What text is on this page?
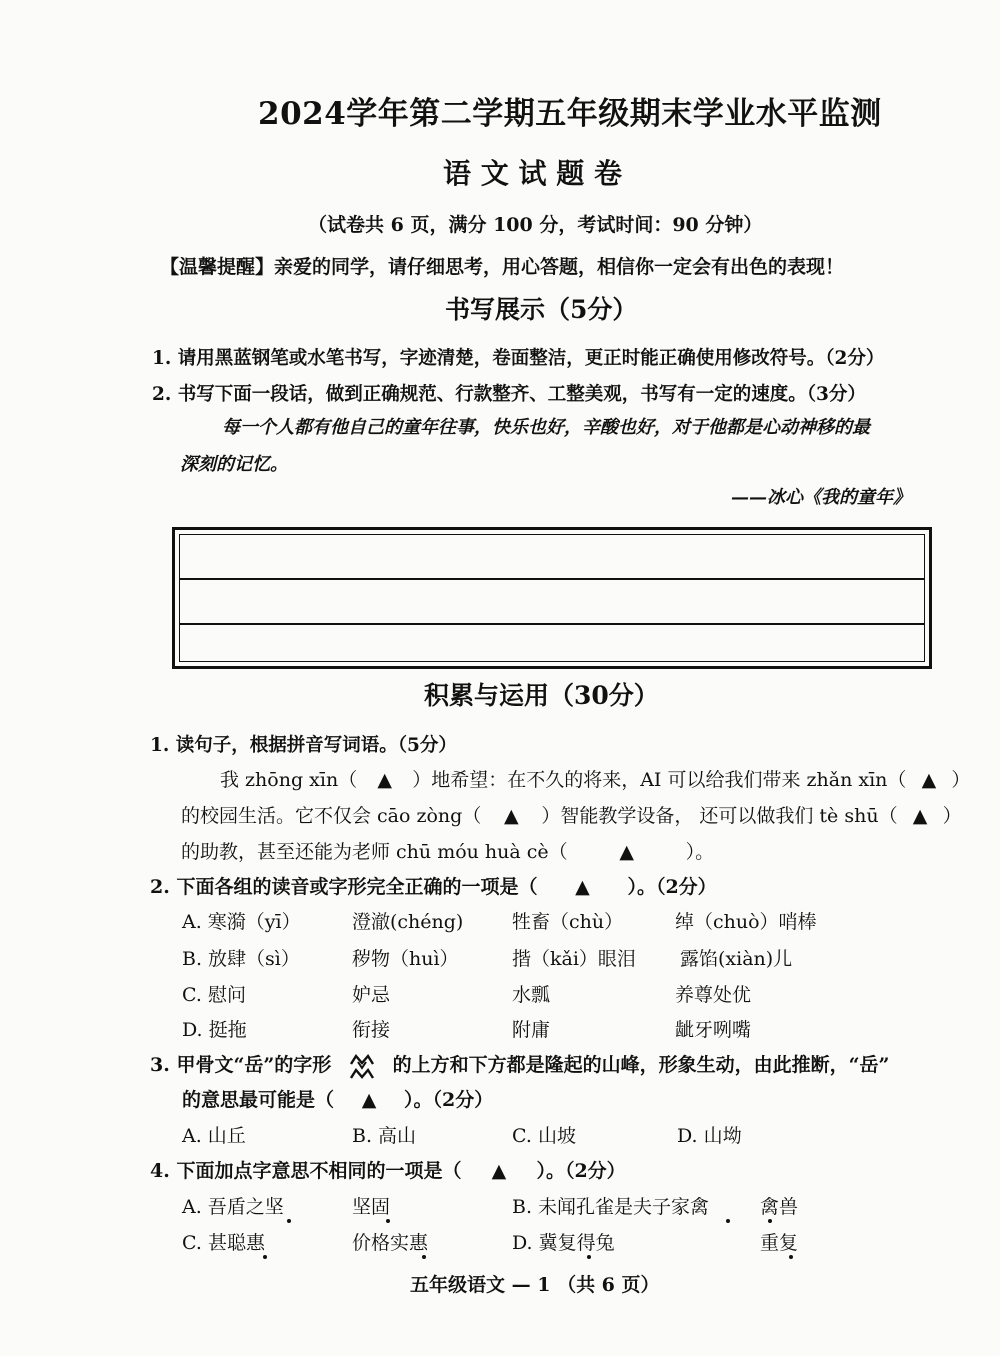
2024学年第二学期五年级期末学业水平监测
语 文 试 题 卷
（试卷共 6 页，满分 100 分，考试时间：90 分钟）
【温馨提醒】亲爱的同学，请仔细思考，用心答题，相信你一定会有出色的表现！
书写展示（5分）
1. 请用黑蓝钢笔或水笔书写，字迹清楚，卷面整洁，更正时能正确使用修改符号。（2分）
2. 书写下面一段话，做到正确规范、行款整齐、工整美观，书写有一定的速度。（3分）
每一个人都有他自己的童年往事，快乐也好，辛酸也好，对于他都是心动神移的最
深刻的记忆。
——冰心《我的童年》
积累与运用（30分）
1. 读句子，根据拼音写词语。（5分）
我 zhōng xīn（ ▲ ）地希望：在不久的将来，AI 可以给我们带来 zhǎn xīn（ ▲ ）
的校园生活。它不仅会 cāo zòng（ ▲ ）智能教学设备， 还可以做我们 tè shū（ ▲ ）
的助教，甚至还能为老师 chū móu huà cè（	▲	）。
2. 下面各组的读音或字形完全正确的一项是（ ▲ ）。（2分）
A. 寒漪（yī）	澄澈(chéng)	牲畜（chù）	绰（chuò）哨棒
B. 放肆（sì）	秽物（huì）	揩（kǎi）眼泪 露馅(xiàn)儿
C. 慰问	妒忌	水瓢	养尊处优
D. 挺拖	衔接	附庸	龇牙咧嘴
3. 甲骨文“岳”的字形	的上方和下方都是隆起的山峰，形象生动，由此推断，“岳”
的意思最可能是（ ▲ ）。（2分）
A. 山丘	B. 高山	C. 山坡	D. 山坳
4. 下面加点字意思不相同的一项是（ ▲ ）。（2分）
A. 吾盾之坚	坚固	B. 未闻孔雀是夫子家禽	禽兽
C. 甚聪惠	价格实惠	D. 冀复得兔	重复
五年级语文 — 1 （共 6 页）
